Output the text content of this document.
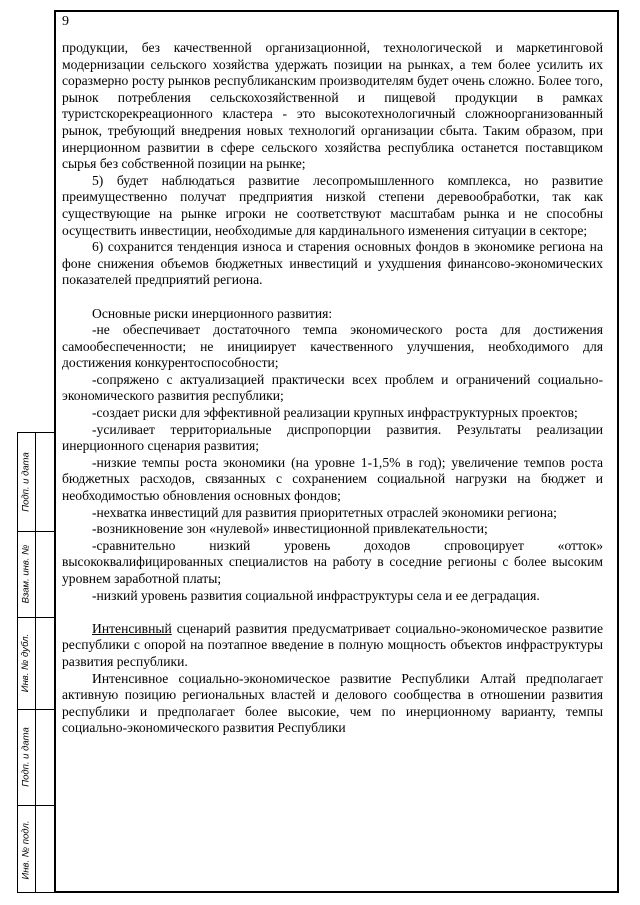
9
Подп. и дата
Взам. инв. №
Инв. № дубл.
Подп. и дата
Инв. № подл.

продукции, без качественной организационной, технологической и маркетинговой модернизации сельского хозяйства удержать позиции на рынках, а тем более усилить их соразмерно росту рынков республиканским производителям будет очень сложно. Более того, рынок потребления сельскохозяйственной и пищевой продукции в рамках туристскорекреационного кластера - это высокотехнологичный сложноорганизованный рынок, требующий внедрения новых технологий организации сбыта. Таким образом, при инерционном развитии в сфере сельского хозяйства республика останется поставщиком сырья без собственной позиции на рынке;

5) будет наблюдаться развитие лесопромышленного комплекса, но развитие преимущественно получат предприятия низкой степени деревообработки, так как существующие на рынке игроки не соответствуют масштабам рынка и не способны осуществить инвестиции, необходимые для кардинального изменения ситуации в секторе;

6) сохранится тенденция износа и старения основных фондов в экономике региона на фоне снижения объемов бюджетных инвестиций и ухудшения финансово-экономических показателей предприятий региона.

Основные риски инерционного развития:

-не обеспечивает достаточного темпа экономического роста для достижения самообеспеченности; не инициирует качественного улучшения, необходимого для достижения конкурентоспособности;

-сопряжено с актуализацией практически всех проблем и ограничений социально-экономического развития республики;

-создает риски для эффективной реализации крупных инфраструктурных проектов;

-усиливает территориальные диспропорции развития. Результаты реализации инерционного сценария развития;

-низкие темпы роста экономики (на уровне 1-1,5% в год); увеличение темпов роста бюджетных расходов, связанных с сохранением социальной нагрузки на бюджет и необходимостью обновления основных фондов;

-нехватка инвестиций для развития приоритетных отраслей экономики региона;

-возникновение зон «нулевой» инвестиционной привлекательности;

-сравнительно низкий уровень доходов спровоцирует «отток» высококвалифицированных специалистов на работу в соседние регионы с более высоким уровнем заработной платы;

-низкий уровень развития социальной инфраструктуры села и ее деградация.

Интенсивный сценарий развития предусматривает социально-экономическое развитие республики с опорой на поэтапное введение в полную мощность объектов инфраструктуры развития республики.

Интенсивное социально-экономическое развитие Республики Алтай предполагает активную позицию региональных властей и делового сообщества в отношении развития республики и предполагает более высокие, чем по инерционному варианту, темпы социально-экономического развития Республики
